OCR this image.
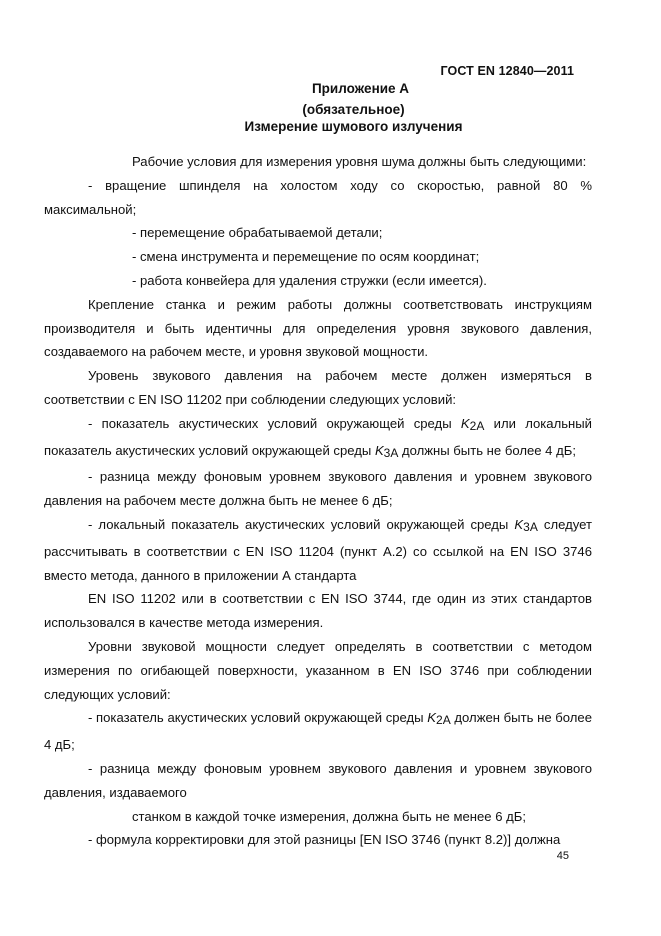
ГОСТ EN 12840—2011
Приложение А
(обязательное)
Измерение шумового излучения

Рабочие условия для измерения уровня шума должны быть следующими:

- вращение шпинделя на холостом ходу со скоростью, равной 80 % максимальной;

- перемещение обрабатываемой детали;

- смена инструмента и перемещение по осям координат;

- работа конвейера для удаления стружки (если имеется).

Крепление станка и режим работы должны соответствовать инструкциям производителя и быть идентичны для определения уровня звукового давления, создаваемого на рабочем месте, и уровня звуковой мощности.

Уровень звукового давления на рабочем месте должен измеряться в соответствии с EN ISO 11202 при соблюдении следующих условий:

- показатель акустических условий окружающей среды $K_{2A}$ или локальный показатель акустических условий окружающей среды $K_{3A}$ должны быть не более 4 дБ;

- разница между фоновым уровнем звукового давления и уровнем звукового давления на рабочем месте должна быть не менее 6 дБ;

- локальный показатель акустических условий окружающей среды $K_{3A}$ следует рассчитывать в соответствии с EN ISO 11204 (пункт А.2) со ссылкой на EN ISO 3746 вместо метода, данного в приложении А стандарта

EN ISO 11202 или в соответствии с EN ISO 3744, где один из этих стандартов использовался в качестве метода измерения.

Уровни звуковой мощности следует определять в соответствии с методом измерения по огибающей поверхности, указанном в EN ISO 3746 при соблюдении следующих условий:

- показатель акустических условий окружающей среды $K_{2A}$ должен быть не более 4 дБ;

- разница между фоновым уровнем звукового давления и уровнем звукового давления, издаваемого

станком в каждой точке измерения, должна быть не менее 6 дБ;

- формула корректировки для этой разницы [EN ISO 3746 (пункт 8.2)] должна

45
